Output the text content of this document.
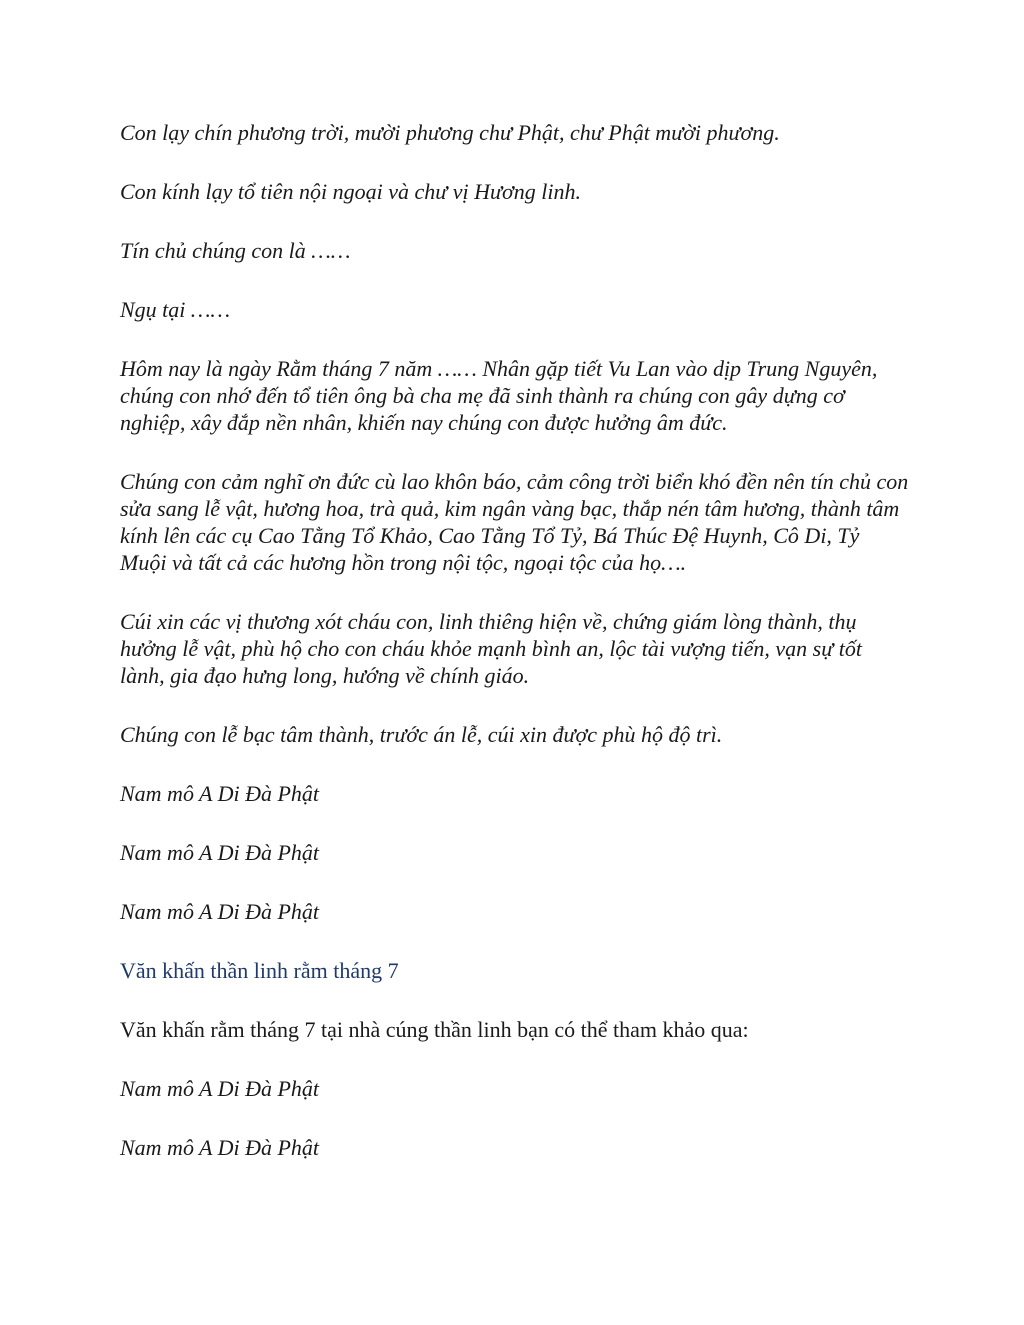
Con lạy chín phương trời, mười phương chư Phật, chư Phật mười phương.

Con kính lạy tổ tiên nội ngoại và chư vị Hương linh.

Tín chủ chúng con là ……

Ngụ tại ……

Hôm nay là ngày Rằm tháng 7 năm …… Nhân gặp tiết Vu Lan vào dịp Trung Nguyên, chúng con nhớ đến tổ tiên ông bà cha mẹ đã sinh thành ra chúng con gây dựng cơ nghiệp, xây đắp nền nhân, khiến nay chúng con được hưởng âm đức.

Chúng con cảm nghĩ ơn đức cù lao khôn báo, cảm công trời biển khó đền nên tín chủ con sửa sang lễ vật, hương hoa, trà quả, kim ngân vàng bạc, thắp nén tâm hương, thành tâm kính lên các cụ Cao Tằng Tổ Khảo, Cao Tằng Tổ Tỷ, Bá Thúc Đệ Huynh, Cô Di, Tỷ Muội và tất cả các hương hồn trong nội tộc, ngoại tộc của họ….

Cúi xin các vị thương xót cháu con, linh thiêng hiện về, chứng giám lòng thành, thụ hưởng lễ vật, phù hộ cho con cháu khỏe mạnh bình an, lộc tài vượng tiến, vạn sự tốt lành, gia đạo hưng long, hướng về chính giáo.

Chúng con lễ bạc tâm thành, trước án lễ, cúi xin được phù hộ độ trì.

Nam mô A Di Đà Phật

Nam mô A Di Đà Phật

Nam mô A Di Đà Phật

Văn khấn thần linh rằm tháng 7

Văn khấn rằm tháng 7 tại nhà cúng thần linh bạn có thể tham khảo qua:

Nam mô A Di Đà Phật

Nam mô A Di Đà Phật
